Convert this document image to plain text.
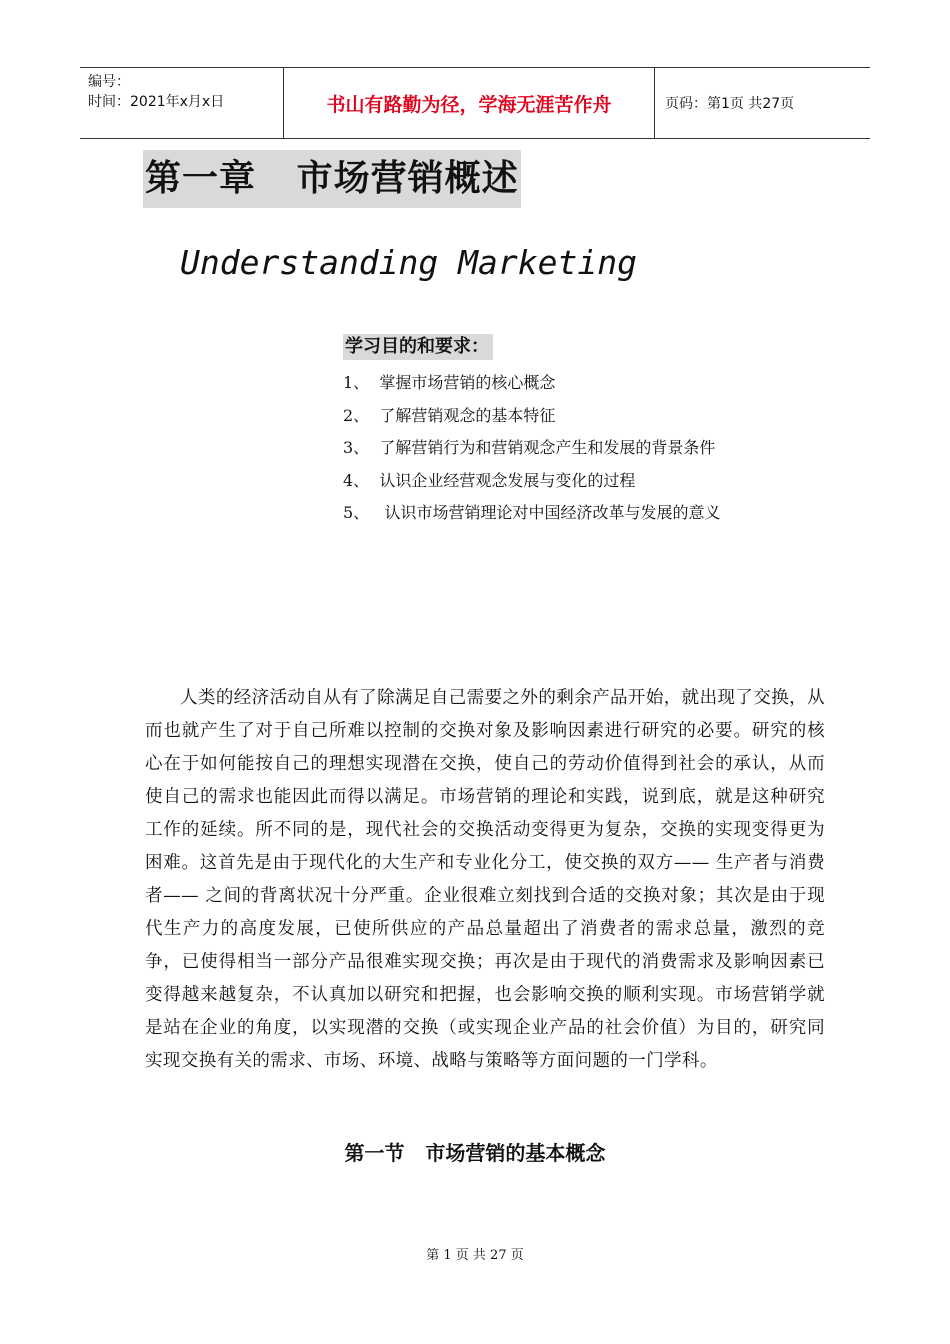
编号：
时间：2021年x月x日	书山有路勤为径，学海无涯苦作舟	页码：第1页 共27页
第一章   市场营销概述
Understanding Marketing
学习目的和要求：
1、  掌握市场营销的核心概念
2、  了解营销观念的基本特征
3、  了解营销行为和营销观念产生和发展的背景条件
4、  认识企业经营观念发展与变化的过程
5、   认识市场营销理论对中国经济改革与发展的意义

人类的经济活动自从有了除满足自己需要之外的剩余产品开始，就出现了交换，从而也就产生了对于自己所难以控制的交换对象及影响因素进行研究的必要。研究的核心在于如何能按自己的理想实现潜在交换，使自己的劳动价值得到社会的承认，从而使自己的需求也能因此而得以满足。市场营销的理论和实践，说到底，就是这种研究工作的延续。所不同的是，现代社会的交换活动变得更为复杂，交换的实现变得更为困难。这首先是由于现代化的大生产和专业化分工，使交换的双方—— 生产者与消费者—— 之间的背离状况十分严重。企业很难立刻找到合适的交换对象；其次是由于现代生产力的高度发展，已使所供应的产品总量超出了消费者的需求总量，激烈的竞争，已使得相当一部分产品很难实现交换；再次是由于现代的消费需求及影响因素已变得越来越复杂，不认真加以研究和把握，也会影响交换的顺利实现。市场营销学就是站在企业的角度，以实现潜的交换（或实现企业产品的社会价值）为目的，研究同实现交换有关的需求、市场、环境、战略与策略等方面问题的一门学科。

第一节   市场营销的基本概念
第 1 页 共 27 页
